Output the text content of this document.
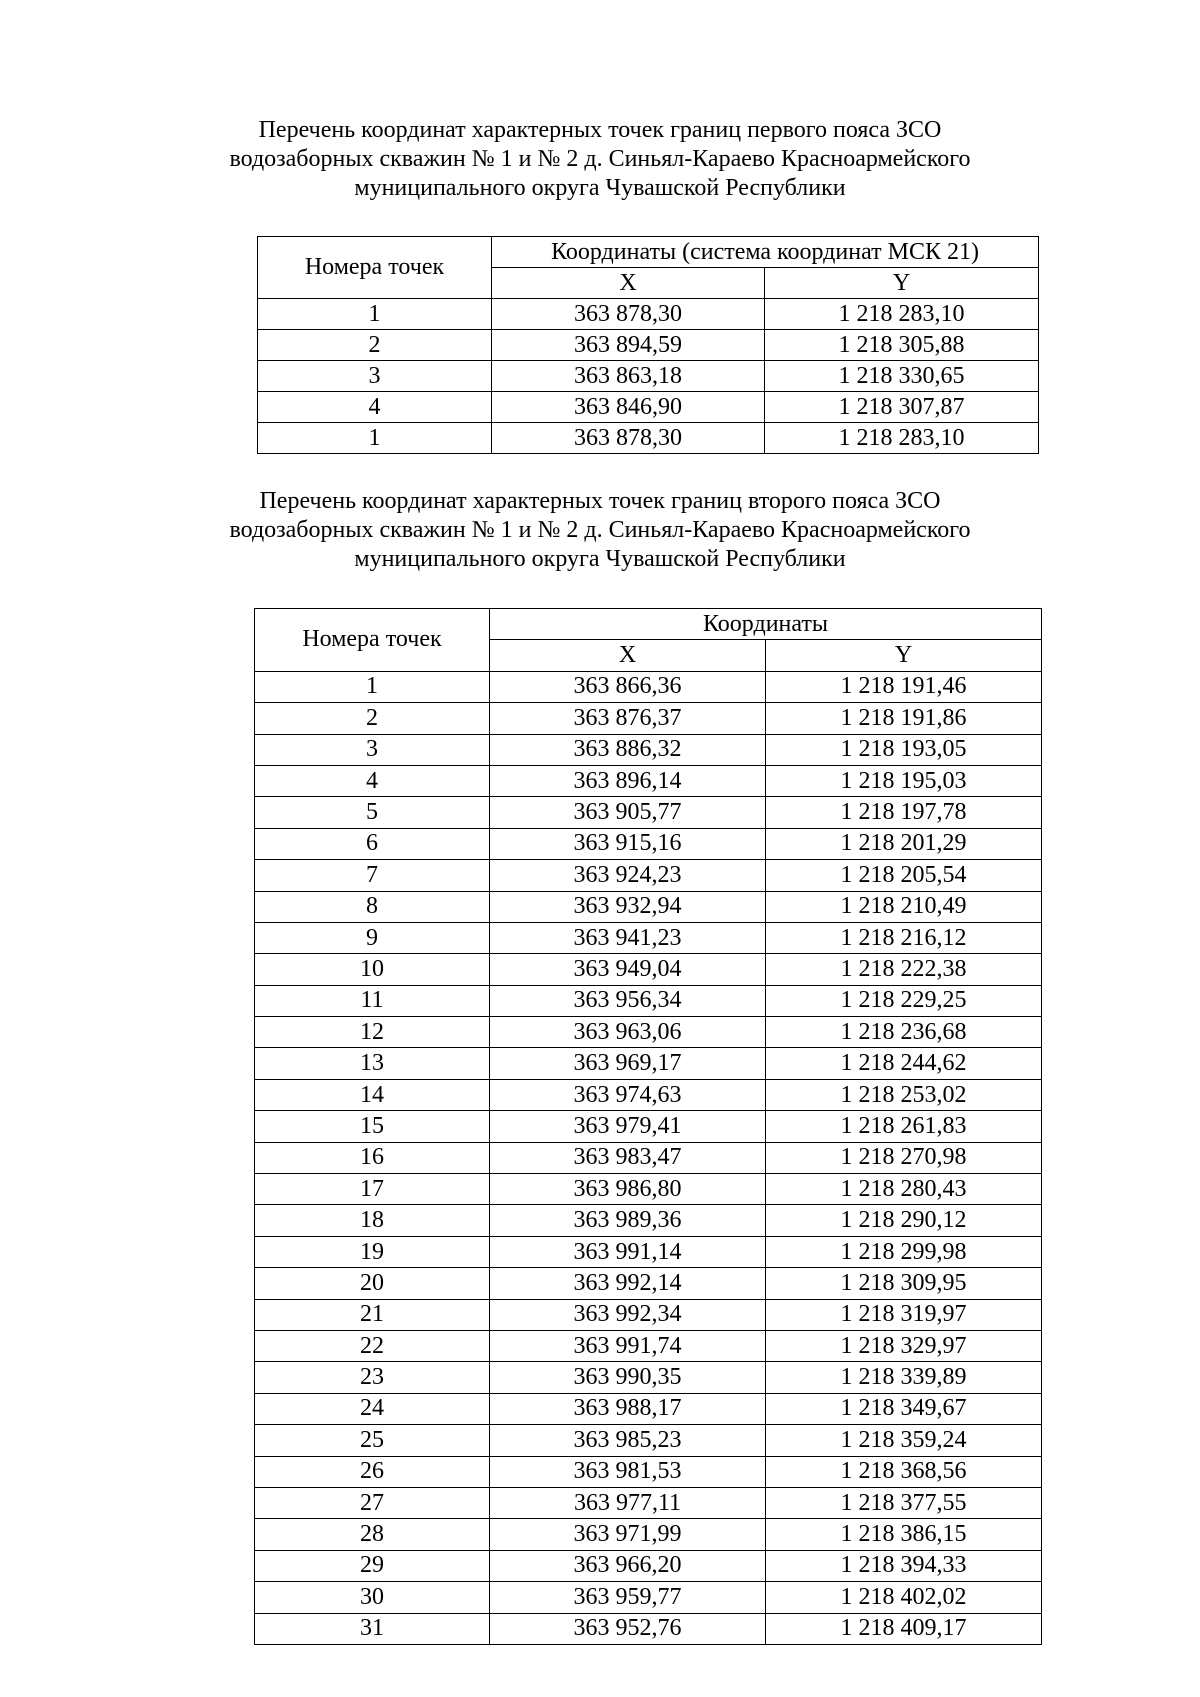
Перечень координат характерных точек границ первого пояса ЗСО
водозаборных скважин № 1 и № 2 д. Синьял-Караево Красноармейского
муниципального округа Чувашской Республики
Номера точек	Координаты (система координат МСК 21)	
	X	Y
1	363 878,30	1 218 283,10
2	363 894,59	1 218 305,88
3	363 863,18	1 218 330,65
4	363 846,90	1 218 307,87
1	363 878,30	1 218 283,10
Перечень координат характерных точек границ второго пояса ЗСО
водозаборных скважин № 1 и № 2 д. Синьял-Караево Красноармейского
муниципального округа Чувашской Республики
Номера точек	Координаты	
	X	Y
1	363 866,36	1 218 191,46
2	363 876,37	1 218 191,86
3	363 886,32	1 218 193,05
4	363 896,14	1 218 195,03
5	363 905,77	1 218 197,78
6	363 915,16	1 218 201,29
7	363 924,23	1 218 205,54
8	363 932,94	1 218 210,49
9	363 941,23	1 218 216,12
10	363 949,04	1 218 222,38
11	363 956,34	1 218 229,25
12	363 963,06	1 218 236,68
13	363 969,17	1 218 244,62
14	363 974,63	1 218 253,02
15	363 979,41	1 218 261,83
16	363 983,47	1 218 270,98
17	363 986,80	1 218 280,43
18	363 989,36	1 218 290,12
19	363 991,14	1 218 299,98
20	363 992,14	1 218 309,95
21	363 992,34	1 218 319,97
22	363 991,74	1 218 329,97
23	363 990,35	1 218 339,89
24	363 988,17	1 218 349,67
25	363 985,23	1 218 359,24
26	363 981,53	1 218 368,56
27	363 977,11	1 218 377,55
28	363 971,99	1 218 386,15
29	363 966,20	1 218 394,33
30	363 959,77	1 218 402,02
31	363 952,76	1 218 409,17
